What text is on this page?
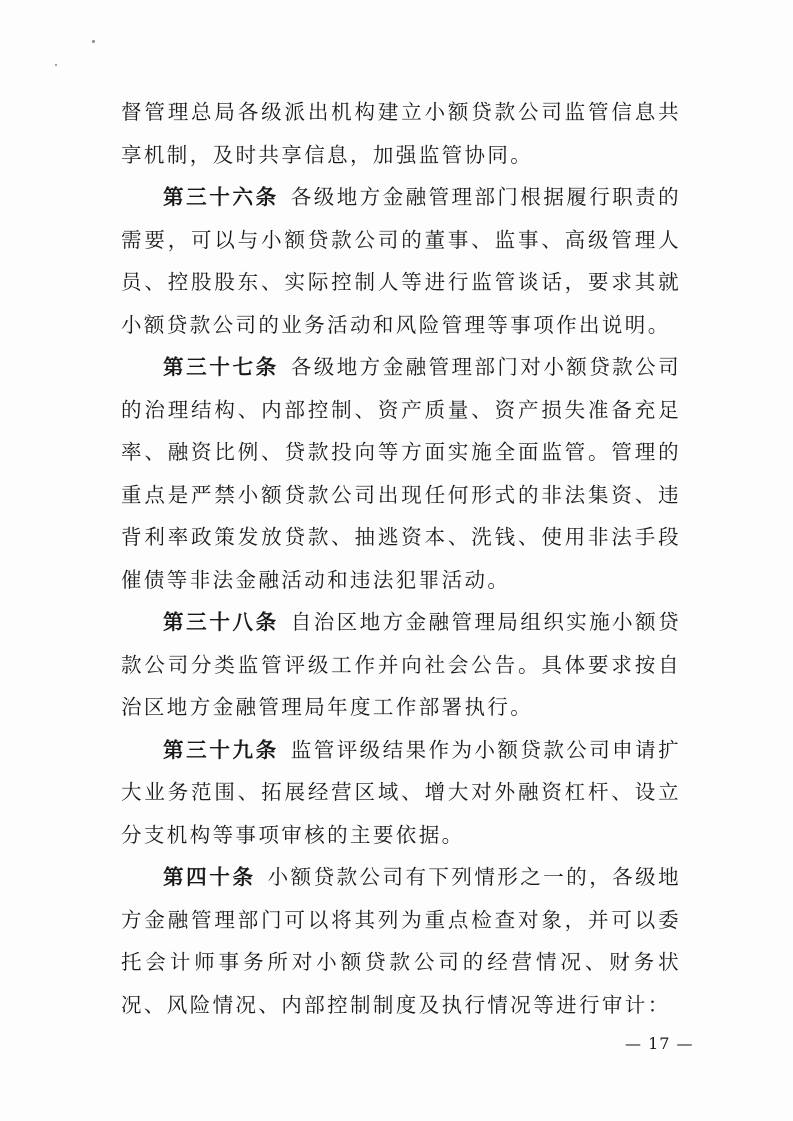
督管理总局各级派出机构建立小额贷款公司监管信息共享机制，及时共享信息，加强监管协同。

第三十六条 各级地方金融管理部门根据履行职责的需要，可以与小额贷款公司的董事、监事、高级管理人员、控股股东、实际控制人等进行监管谈话，要求其就小额贷款公司的业务活动和风险管理等事项作出说明。

第三十七条 各级地方金融管理部门对小额贷款公司的治理结构、内部控制、资产质量、资产损失准备充足率、融资比例、贷款投向等方面实施全面监管。管理的重点是严禁小额贷款公司出现任何形式的非法集资、违背利率政策发放贷款、抽逃资本、洗钱、使用非法手段催债等非法金融活动和违法犯罪活动。

第三十八条 自治区地方金融管理局组织实施小额贷款公司分类监管评级工作并向社会公告。具体要求按自治区地方金融管理局年度工作部署执行。

第三十九条 监管评级结果作为小额贷款公司申请扩大业务范围、拓展经营区域、增大对外融资杠杆、设立分支机构等事项审核的主要依据。

第四十条 小额贷款公司有下列情形之一的，各级地方金融管理部门可以将其列为重点检查对象，并可以委托会计师事务所对小额贷款公司的经营情况、财务状况、风险情况、内部控制制度及执行情况等进行审计：

— 17 —
